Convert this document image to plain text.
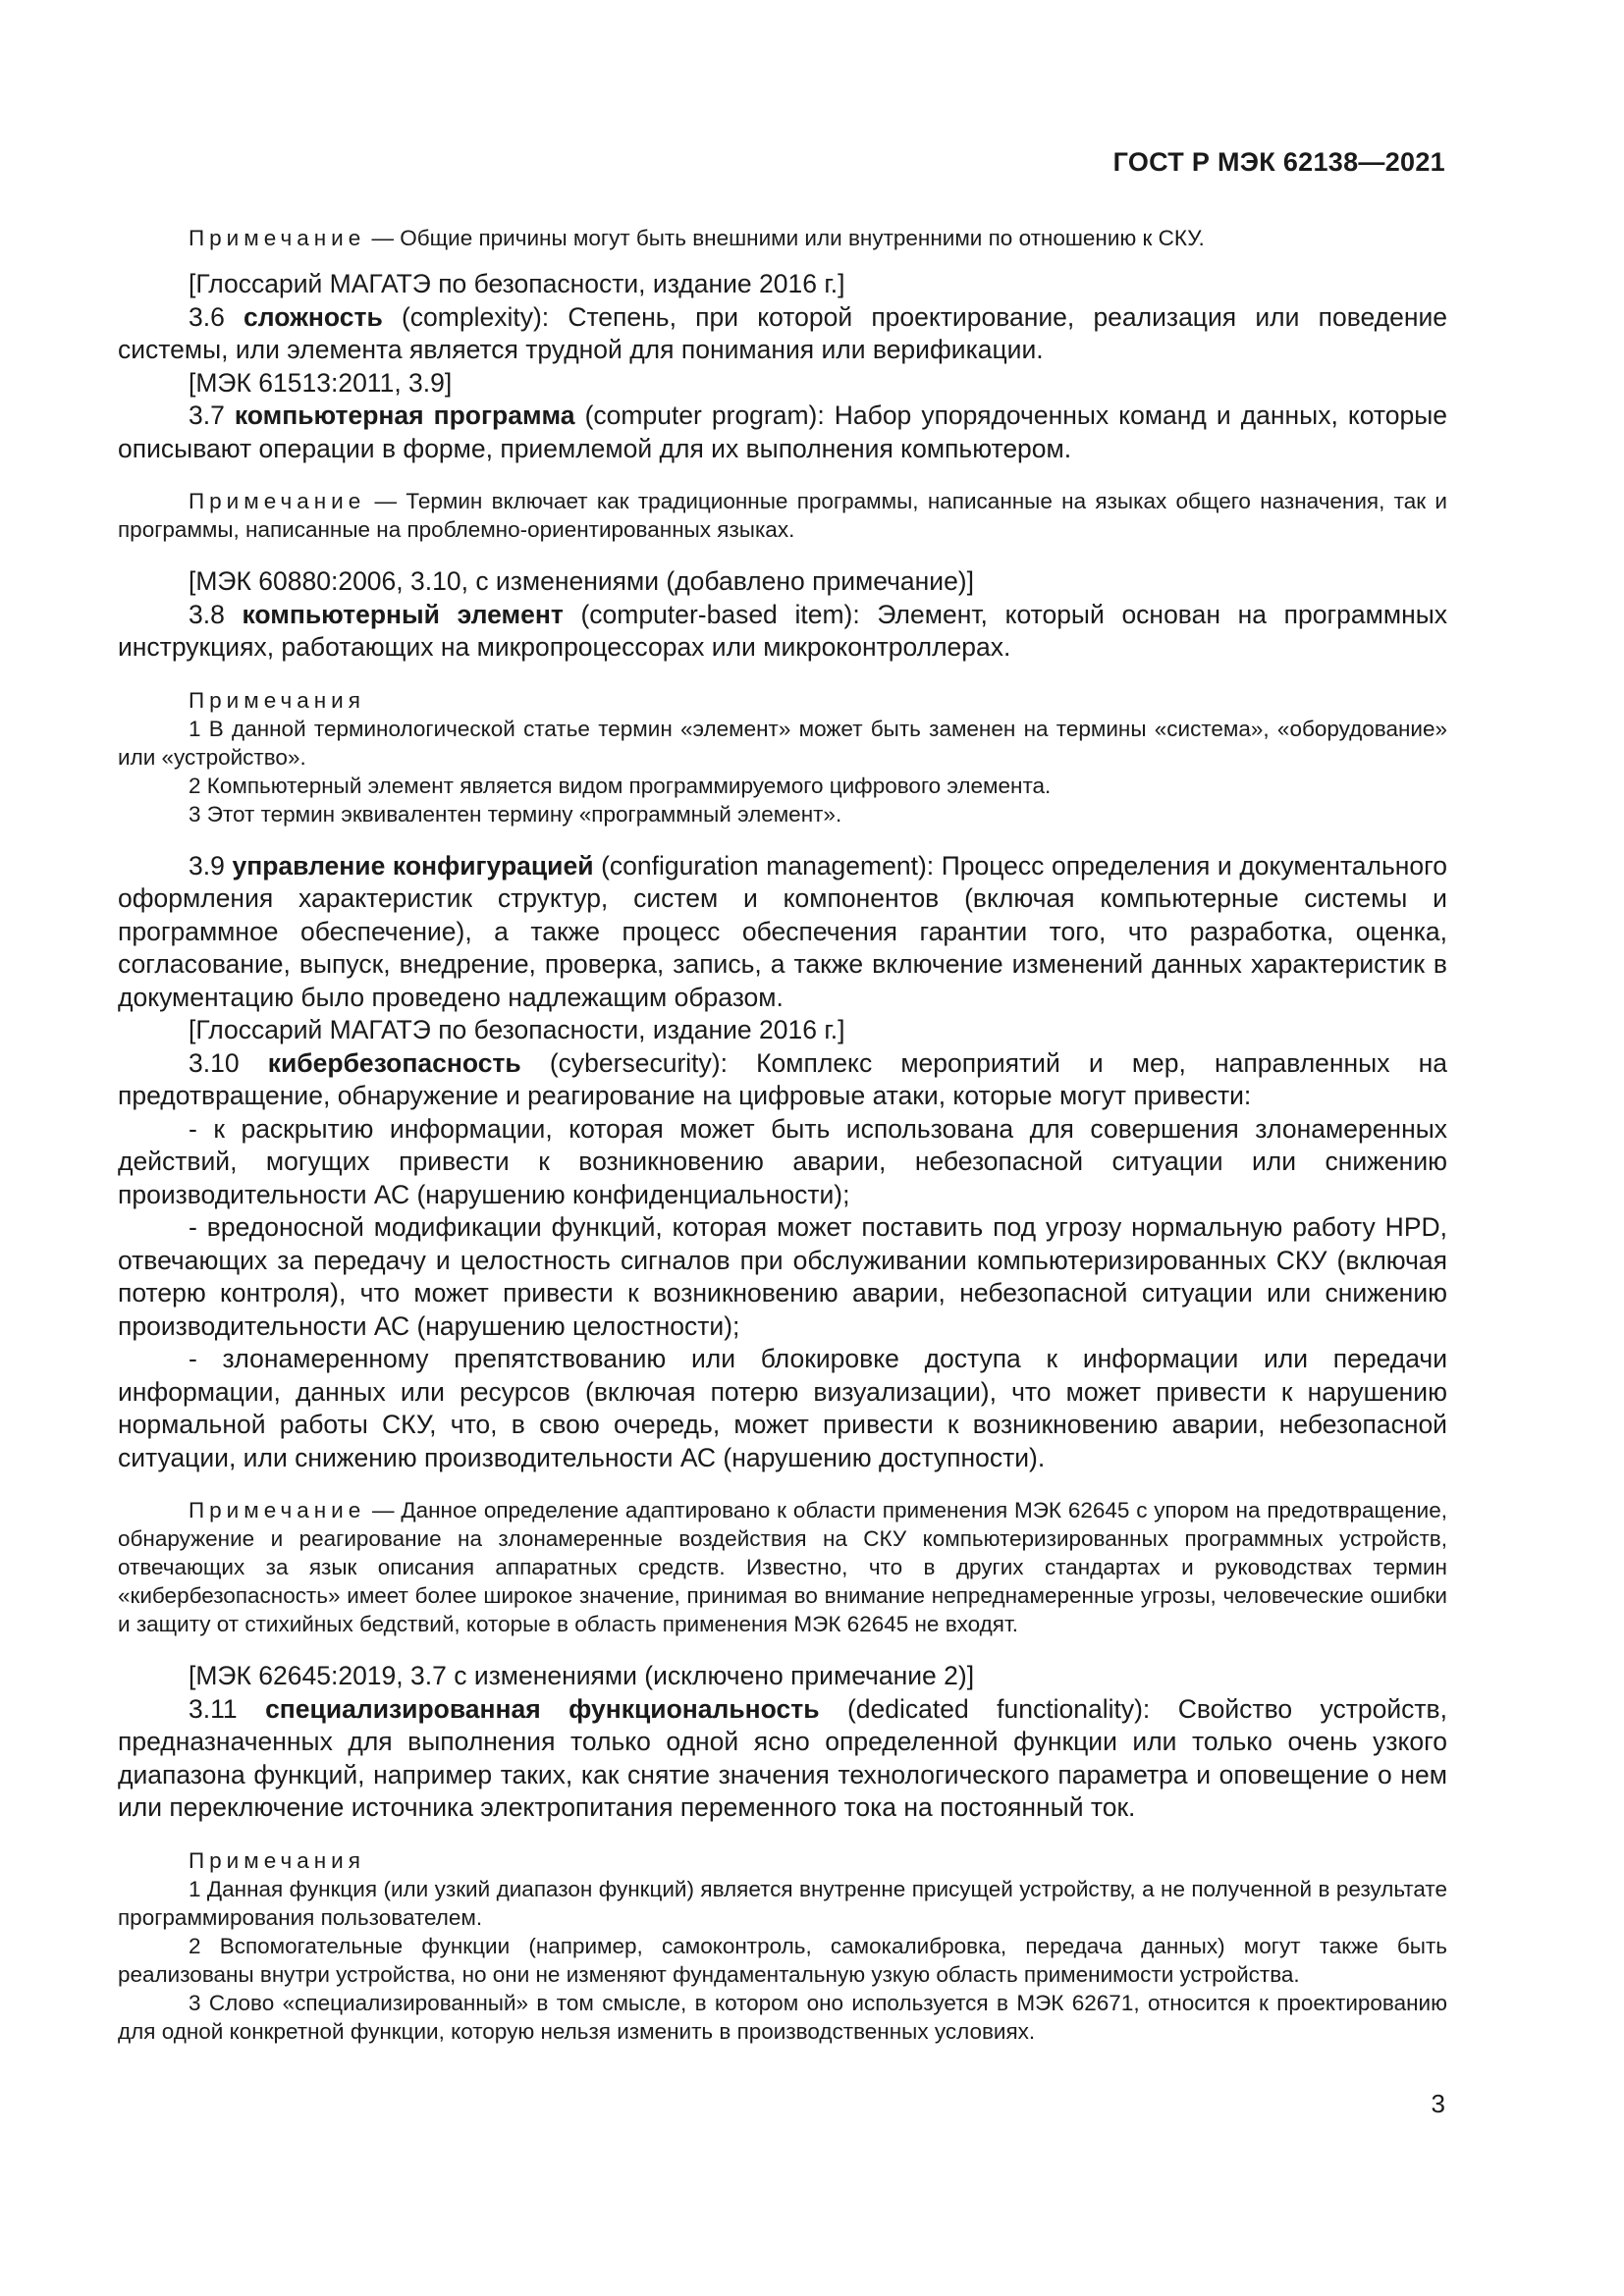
ГОСТ Р МЭК 62138—2021

Примечание — Общие причины могут быть внешними или внутренними по отношению к СКУ.

[Глоссарий МАГАТЭ по безопасности, издание 2016 г.]

3.6 сложность (complexity): Степень, при которой проектирование, реализация или поведение системы, или элемента является трудной для понимания или верификации.

[МЭК 61513:2011, 3.9]

3.7 компьютерная программа (computer program): Набор упорядоченных команд и данных, которые описывают операции в форме, приемлемой для их выполнения компьютером.

Примечание — Термин включает как традиционные программы, написанные на языках общего назначения, так и программы, написанные на проблемно-ориентированных языках.

[МЭК 60880:2006, 3.10, с изменениями (добавлено примечание)]

3.8 компьютерный элемент (computer-based item): Элемент, который основан на программных инструкциях, работающих на микропроцессорах или микроконтроллерах.

Примечания

1 В данной терминологической статье термин «элемент» может быть заменен на термины «система», «оборудование» или «устройство».

2 Компьютерный элемент является видом программируемого цифрового элемента.

3 Этот термин эквивалентен термину «программный элемент».

3.9 управление конфигурацией (configuration management): Процесс определения и документального оформления характеристик структур, систем и компонентов (включая компьютерные системы и программное обеспечение), а также процесс обеспечения гарантии того, что разработка, оценка, согласование, выпуск, внедрение, проверка, запись, а также включение изменений данных характеристик в документацию было проведено надлежащим образом.

[Глоссарий МАГАТЭ по безопасности, издание 2016 г.]

3.10 кибербезопасность (cybersecurity): Комплекс мероприятий и мер, направленных на предотвращение, обнаружение и реагирование на цифровые атаки, которые могут привести:

- к раскрытию информации, которая может быть использована для совершения злонамеренных действий, могущих привести к возникновению аварии, небезопасной ситуации или снижению производительности АС (нарушению конфиденциальности);

- вредоносной модификации функций, которая может поставить под угрозу нормальную работу HPD, отвечающих за передачу и целостность сигналов при обслуживании компьютеризированных СКУ (включая потерю контроля), что может привести к возникновению аварии, небезопасной ситуации или снижению производительности АС (нарушению целостности);

- злонамеренному препятствованию или блокировке доступа к информации или передачи информации, данных или ресурсов (включая потерю визуализации), что может привести к нарушению нормальной работы СКУ, что, в свою очередь, может привести к возникновению аварии, небезопасной ситуации, или снижению производительности АС (нарушению доступности).

Примечание — Данное определение адаптировано к области применения МЭК 62645 с упором на предотвращение, обнаружение и реагирование на злонамеренные воздействия на СКУ компьютеризированных программных устройств, отвечающих за язык описания аппаратных средств. Известно, что в других стандартах и руководствах термин «кибербезопасность» имеет более широкое значение, принимая во внимание непреднамеренные угрозы, человеческие ошибки и защиту от стихийных бедствий, которые в область применения МЭК 62645 не входят.

[МЭК 62645:2019, 3.7 с изменениями (исключено примечание 2)]

3.11 специализированная функциональность (dedicated functionality): Свойство устройств, предназначенных для выполнения только одной ясно определенной функции или только очень узкого диапазона функций, например таких, как снятие значения технологического параметра и оповещение о нем или переключение источника электропитания переменного тока на постоянный ток.

Примечания

1 Данная функция (или узкий диапазон функций) является внутренне присущей устройству, а не полученной в результате программирования пользователем.

2 Вспомогательные функции (например, самоконтроль, самокалибровка, передача данных) могут также быть реализованы внутри устройства, но они не изменяют фундаментальную узкую область применимости устройства.

3 Слово «специализированный» в том смысле, в котором оно используется в МЭК 62671, относится к проектированию для одной конкретной функции, которую нельзя изменить в производственных условиях.

3
